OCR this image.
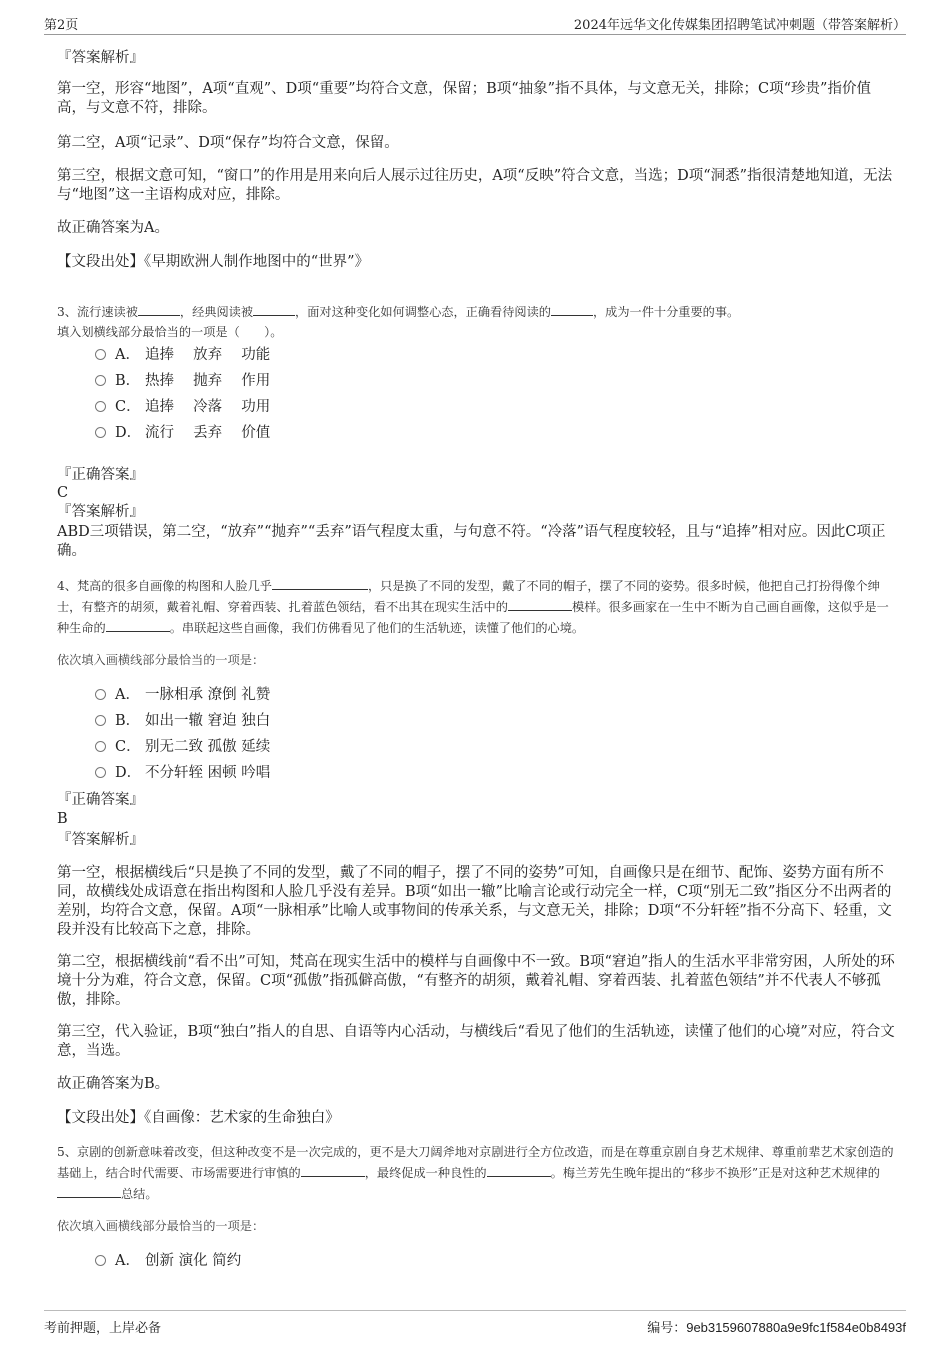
第2页	2024年远华文化传媒集团招聘笔试冲刺题（带答案解析）
『答案解析』
第一空，形容“地图”，A项“直观”、D项“重要”均符合文意，保留；B项“抽象”指不具体，与文意无关，排除；C项“珍贵”指价值高，与文意不符，排除。
第二空，A项“记录”、D项“保存”均符合文意，保留。
第三空，根据文意可知，“窗口”的作用是用来向后人展示过往历史，A项“反映”符合文意，当选；D项“洞悉”指很清楚地知道，无法与“地图”这一主语构成对应，排除。
故正确答案为A。
【文段出处】《早期欧洲人制作地图中的“世界”》
3、流行速读被	，经典阅读被	，面对这种变化如何调整心态，正确看待阅读的	，成为一件十分重要的事。
填入划横线部分最恰当的一项是（　　）。
A． 追捧　 放弃　 功能
B． 热捧　 抛弃　 作用
C． 追捧　 冷落　 功用
D． 流行　 丢弃　 价值
『正确答案』
C
『答案解析』
ABD三项错误，第二空，“放弃”“抛弃”“丢弃”语气程度太重，与句意不符。“冷落”语气程度较轻，且与“追捧”相对应。因此C项正确。
4、梵高的很多自画像的构图和人脸几乎	，只是换了不同的发型，戴了不同的帽子，摆了不同的姿势。很多时候，他把自己打扮得像个绅士，有整齐的胡须，戴着礼帽、穿着西装、扎着蓝色领结，看不出其在现实生活中的	模样。很多画家在一生中不断为自己画自画像，这似乎是一种生命的	。串联起这些自画像，我们仿佛看见了他们的生活轨迹，读懂了他们的心境。
依次填入画横线部分最恰当的一项是：
A． 一脉相承 潦倒 礼赞
B． 如出一辙 窘迫 独白
C． 别无二致 孤傲 延续
D． 不分轩轾 困顿 吟唱
『正确答案』
B
『答案解析』
第一空，根据横线后“只是换了不同的发型，戴了不同的帽子，摆了不同的姿势”可知，自画像只是在细节、配饰、姿势方面有所不同，故横线处成语意在指出构图和人脸几乎没有差异。B项“如出一辙”比喻言论或行动完全一样，C项“别无二致”指区分不出两者的差别，均符合文意，保留。A项“一脉相承”比喻人或事物间的传承关系，与文意无关，排除；D项“不分轩轾”指不分高下、轻重，文段并没有比较高下之意，排除。
第二空，根据横线前“看不出”可知，梵高在现实生活中的模样与自画像中不一致。B项“窘迫”指人的生活水平非常穷困，人所处的环境十分为难，符合文意，保留。C项“孤傲”指孤僻高傲，“有整齐的胡须，戴着礼帽、穿着西装、扎着蓝色领结”并不代表人不够孤傲，排除。
第三空，代入验证，B项“独白”指人的自思、自语等内心活动，与横线后“看见了他们的生活轨迹，读懂了他们的心境”对应，符合文意，当选。
故正确答案为B。
【文段出处】《自画像：艺术家的生命独白》
5、京剧的创新意味着改变，但这种改变不是一次完成的，更不是大刀阔斧地对京剧进行全方位改造，而是在尊重京剧自身艺术规律、尊重前辈艺术家创造的基础上，结合时代需要、市场需要进行审慎的	，最终促成一种良性的	。梅兰芳先生晚年提出的“移步不换形”正是对这种艺术规律的总结。
依次填入画横线部分最恰当的一项是：
A． 创新 演化 简约
考前押题，上岸必备	编号：9eb3159607880a9e9fc1f584e0b8493f
